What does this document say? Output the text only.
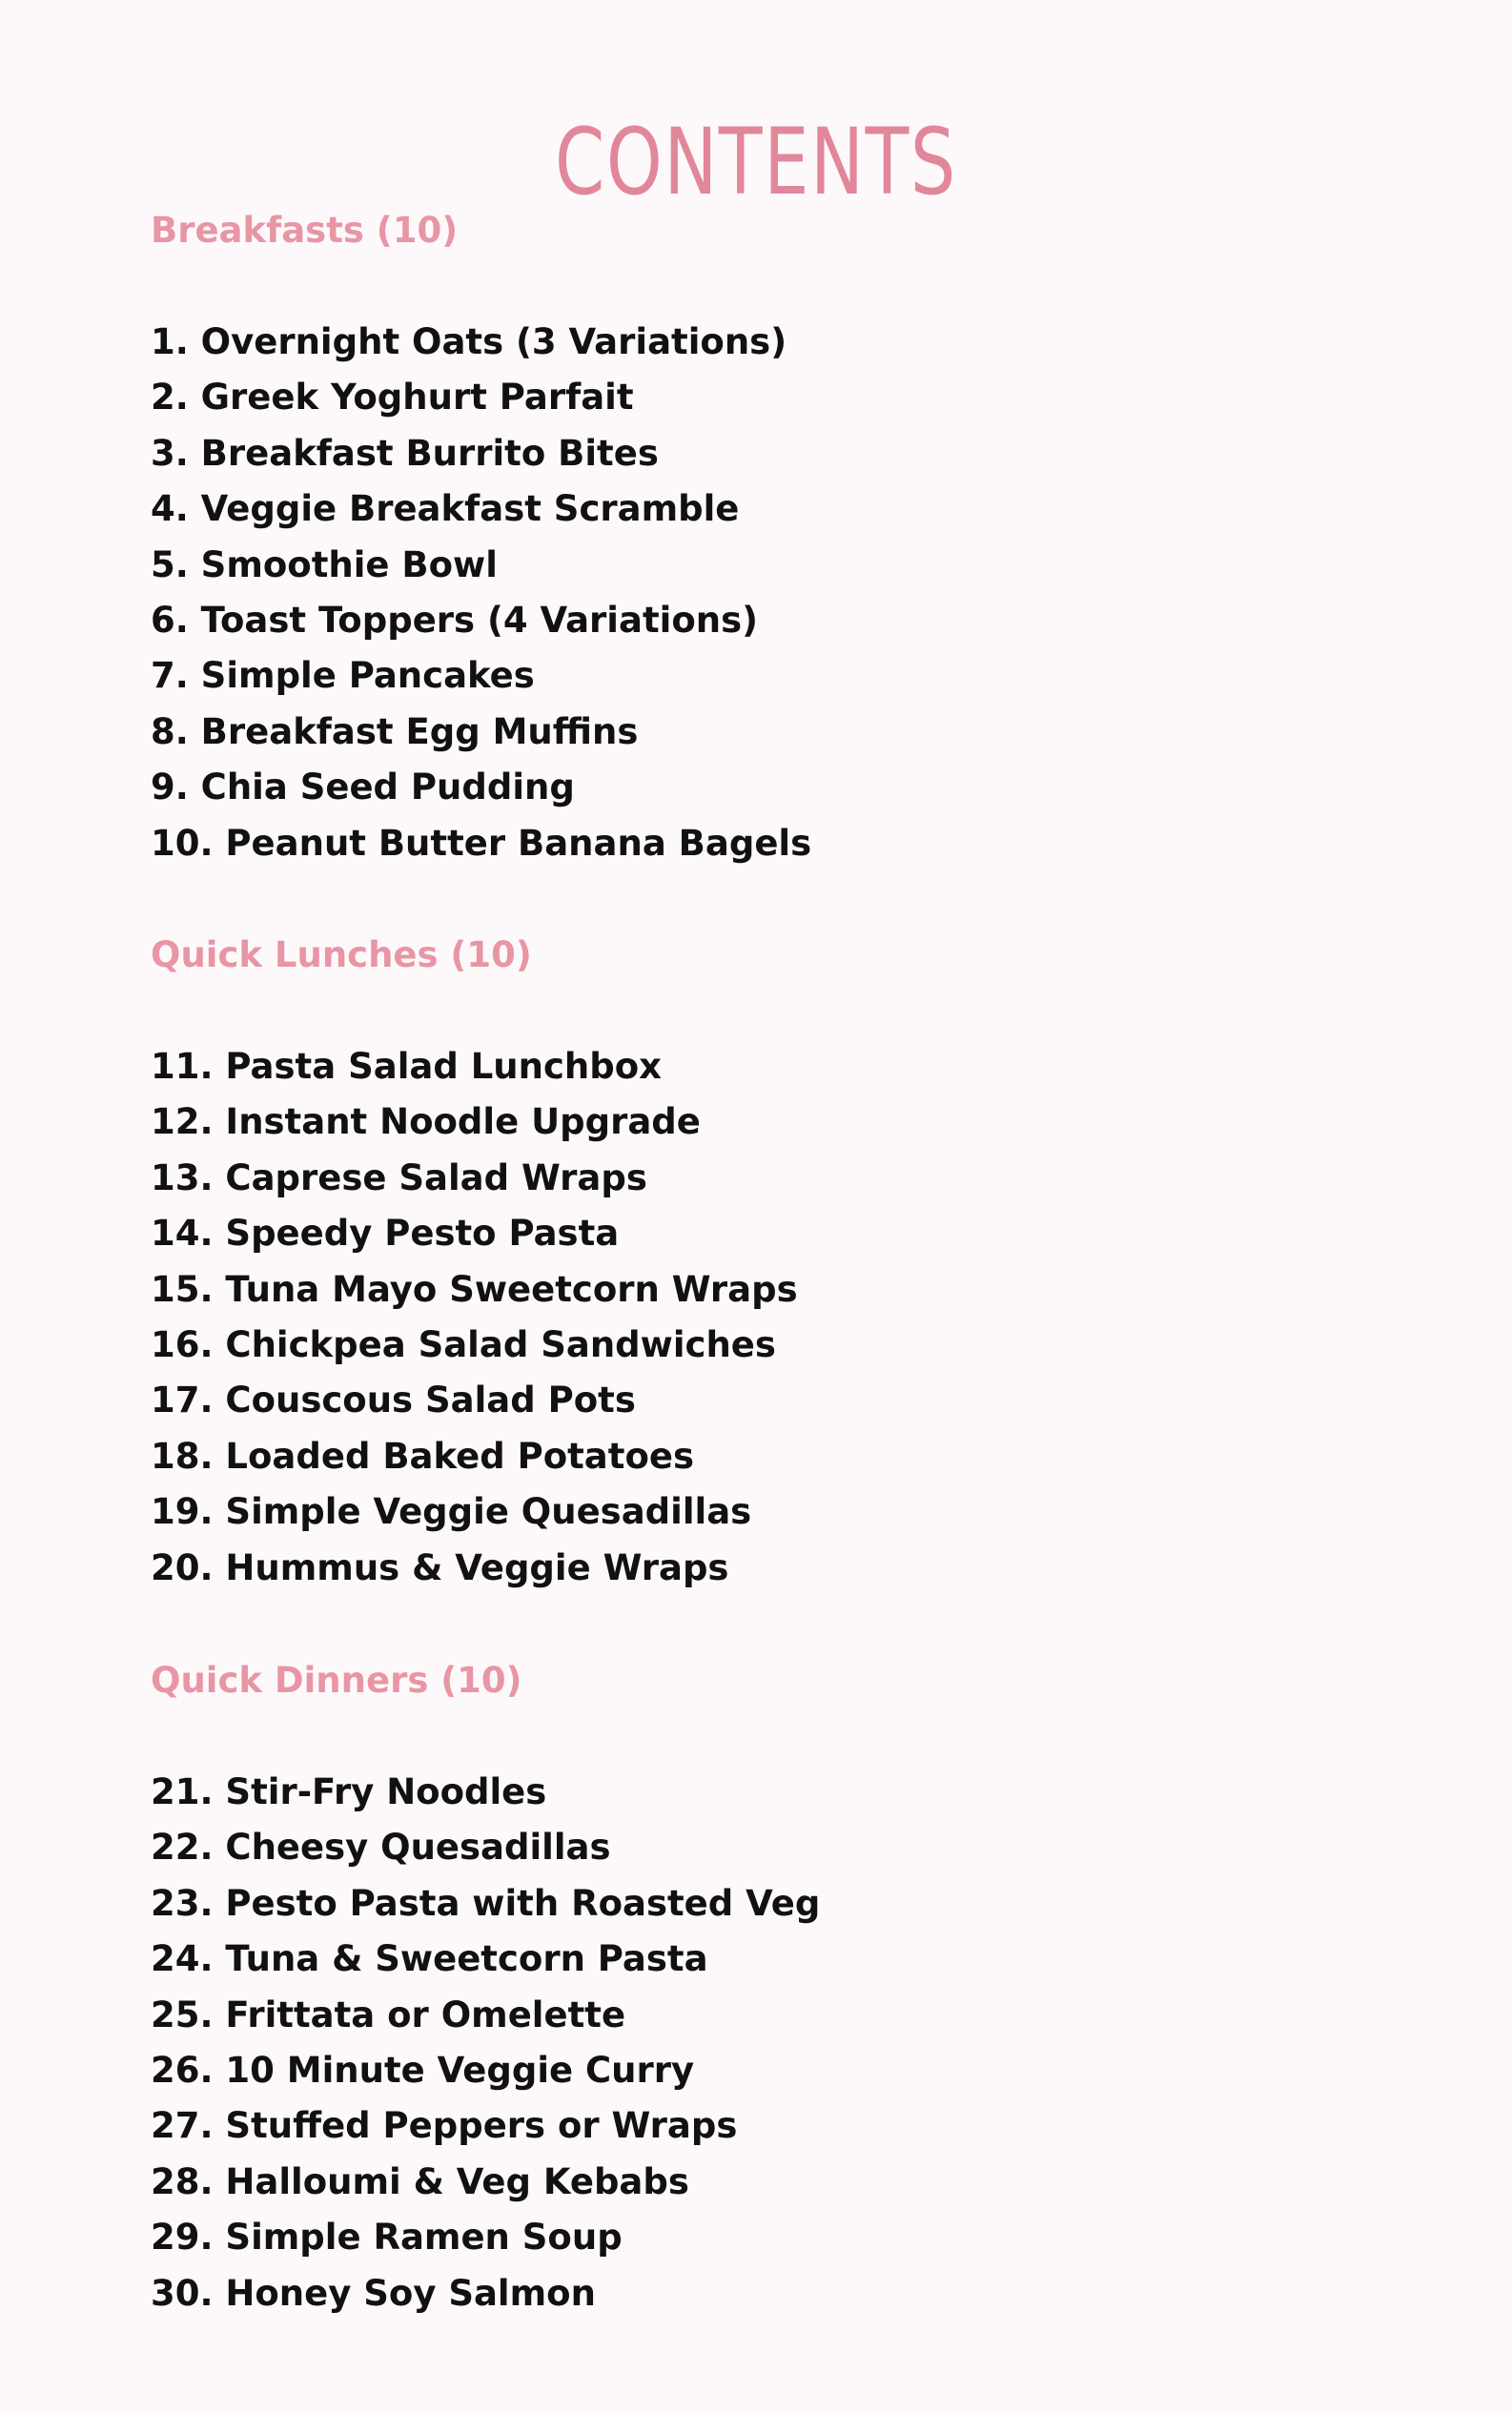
CONTENTS
Breakfasts (10)
1. Overnight Oats (3 Variations)
2. Greek Yoghurt Parfait
3. Breakfast Burrito Bites
4. Veggie Breakfast Scramble
5. Smoothie Bowl
6. Toast Toppers (4 Variations)
7. Simple Pancakes
8. Breakfast Egg Muffins
9. Chia Seed Pudding
10. Peanut Butter Banana Bagels
Quick Lunches (10)
11. Pasta Salad Lunchbox
12. Instant Noodle Upgrade
13. Caprese Salad Wraps
14. Speedy Pesto Pasta
15. Tuna Mayo Sweetcorn Wraps
16. Chickpea Salad Sandwiches
17. Couscous Salad Pots
18. Loaded Baked Potatoes
19. Simple Veggie Quesadillas
20. Hummus & Veggie Wraps
Quick Dinners (10)
21. Stir-Fry Noodles
22. Cheesy Quesadillas
23. Pesto Pasta with Roasted Veg
24. Tuna & Sweetcorn Pasta
25. Frittata or Omelette
26. 10 Minute Veggie Curry
27. Stuffed Peppers or Wraps
28. Halloumi & Veg Kebabs
29. Simple Ramen Soup
30. Honey Soy Salmon
